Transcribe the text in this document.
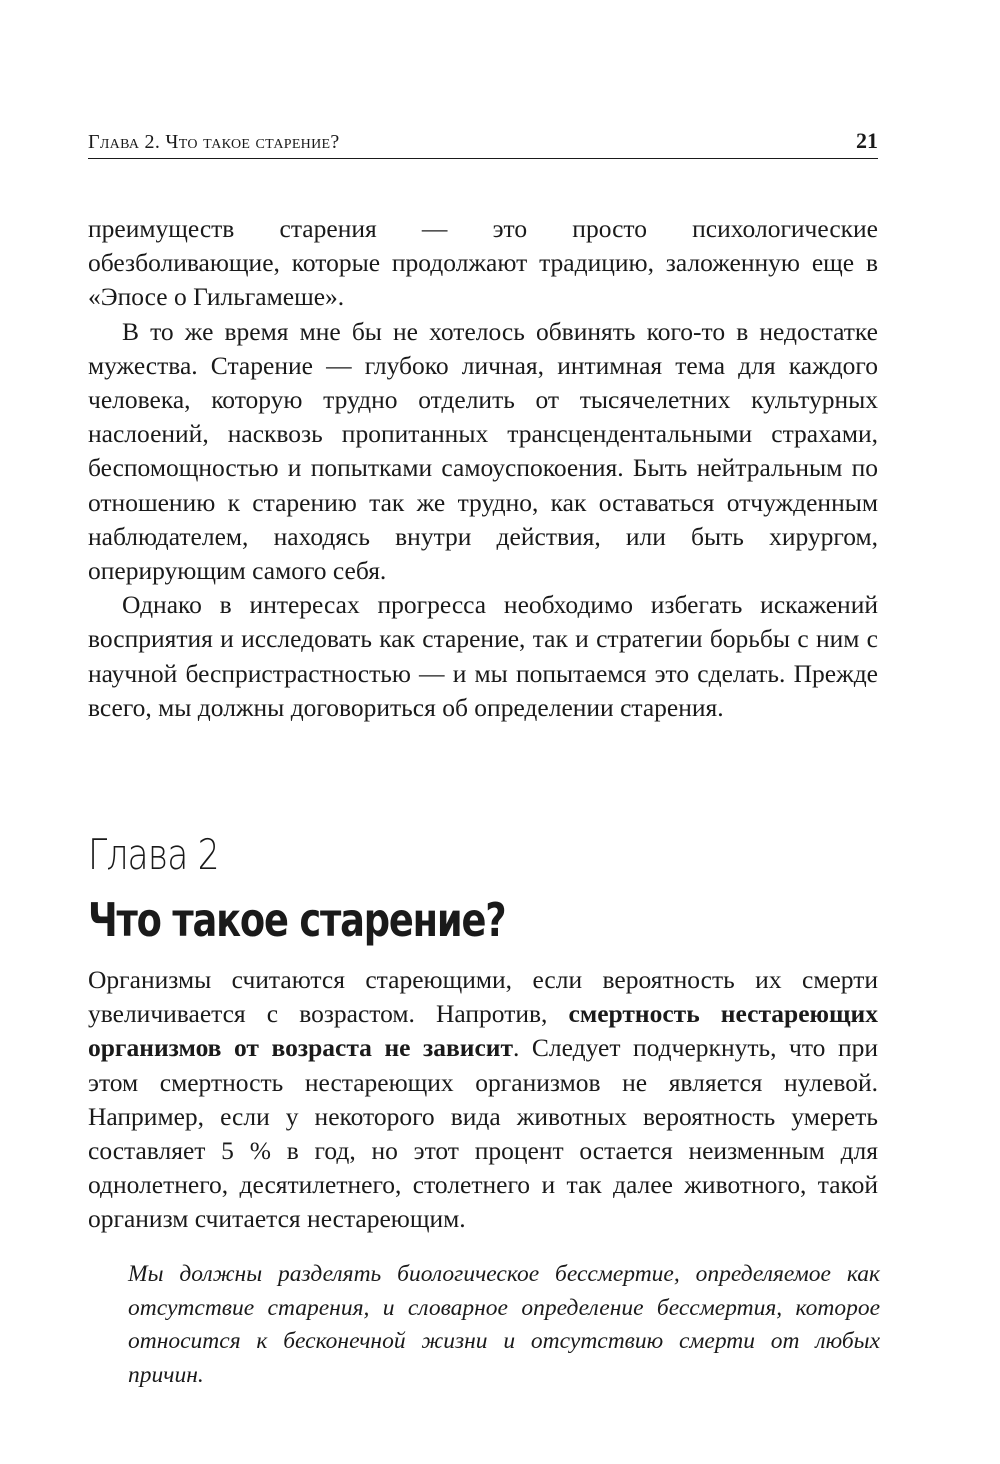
Глава 2. Что такое старение?	21

преимуществ старения — это просто психологические обезболивающие, которые продолжают традицию, заложенную еще в «Эпосе о Гильгамеше».

В то же время мне бы не хотелось обвинять кого-то в недостатке мужества. Старение — глубоко личная, интимная тема для каждого человека, которую трудно отделить от тысячелетних культурных наслоений, насквозь пропитанных трансцендентальными страхами, беспомощностью и попытками самоуспокоения. Быть нейтральным по отношению к старению так же трудно, как оставаться отчужденным наблюдателем, находясь внутри действия, или быть хирургом, оперирующим самого себя.

Однако в интересах прогресса необходимо избегать искажений восприятия и исследовать как старение, так и стратегии борьбы с ним с научной беспристрастностью — и мы попытаемся это сделать. Прежде всего, мы должны договориться об определении старения.

Глава 2
Что такое старение?

Организмы считаются стареющими, если вероятность их смерти увеличивается с возрастом. Напротив, смертность нестареющих организмов от возраста не зависит. Следует подчеркнуть, что при этом смертность нестареющих организмов не является нулевой. Например, если у некоторого вида животных вероятность умереть составляет 5 % в год, но этот процент остается неизменным для однолетнего, десятилетнего, столетнего и так далее животного, такой организм считается нестареющим.

Мы должны разделять биологическое бессмертие, определяемое как отсутствие старения, и словарное определение бессмертия, которое относится к бесконечной жизни и отсутствию смерти от любых причин.
